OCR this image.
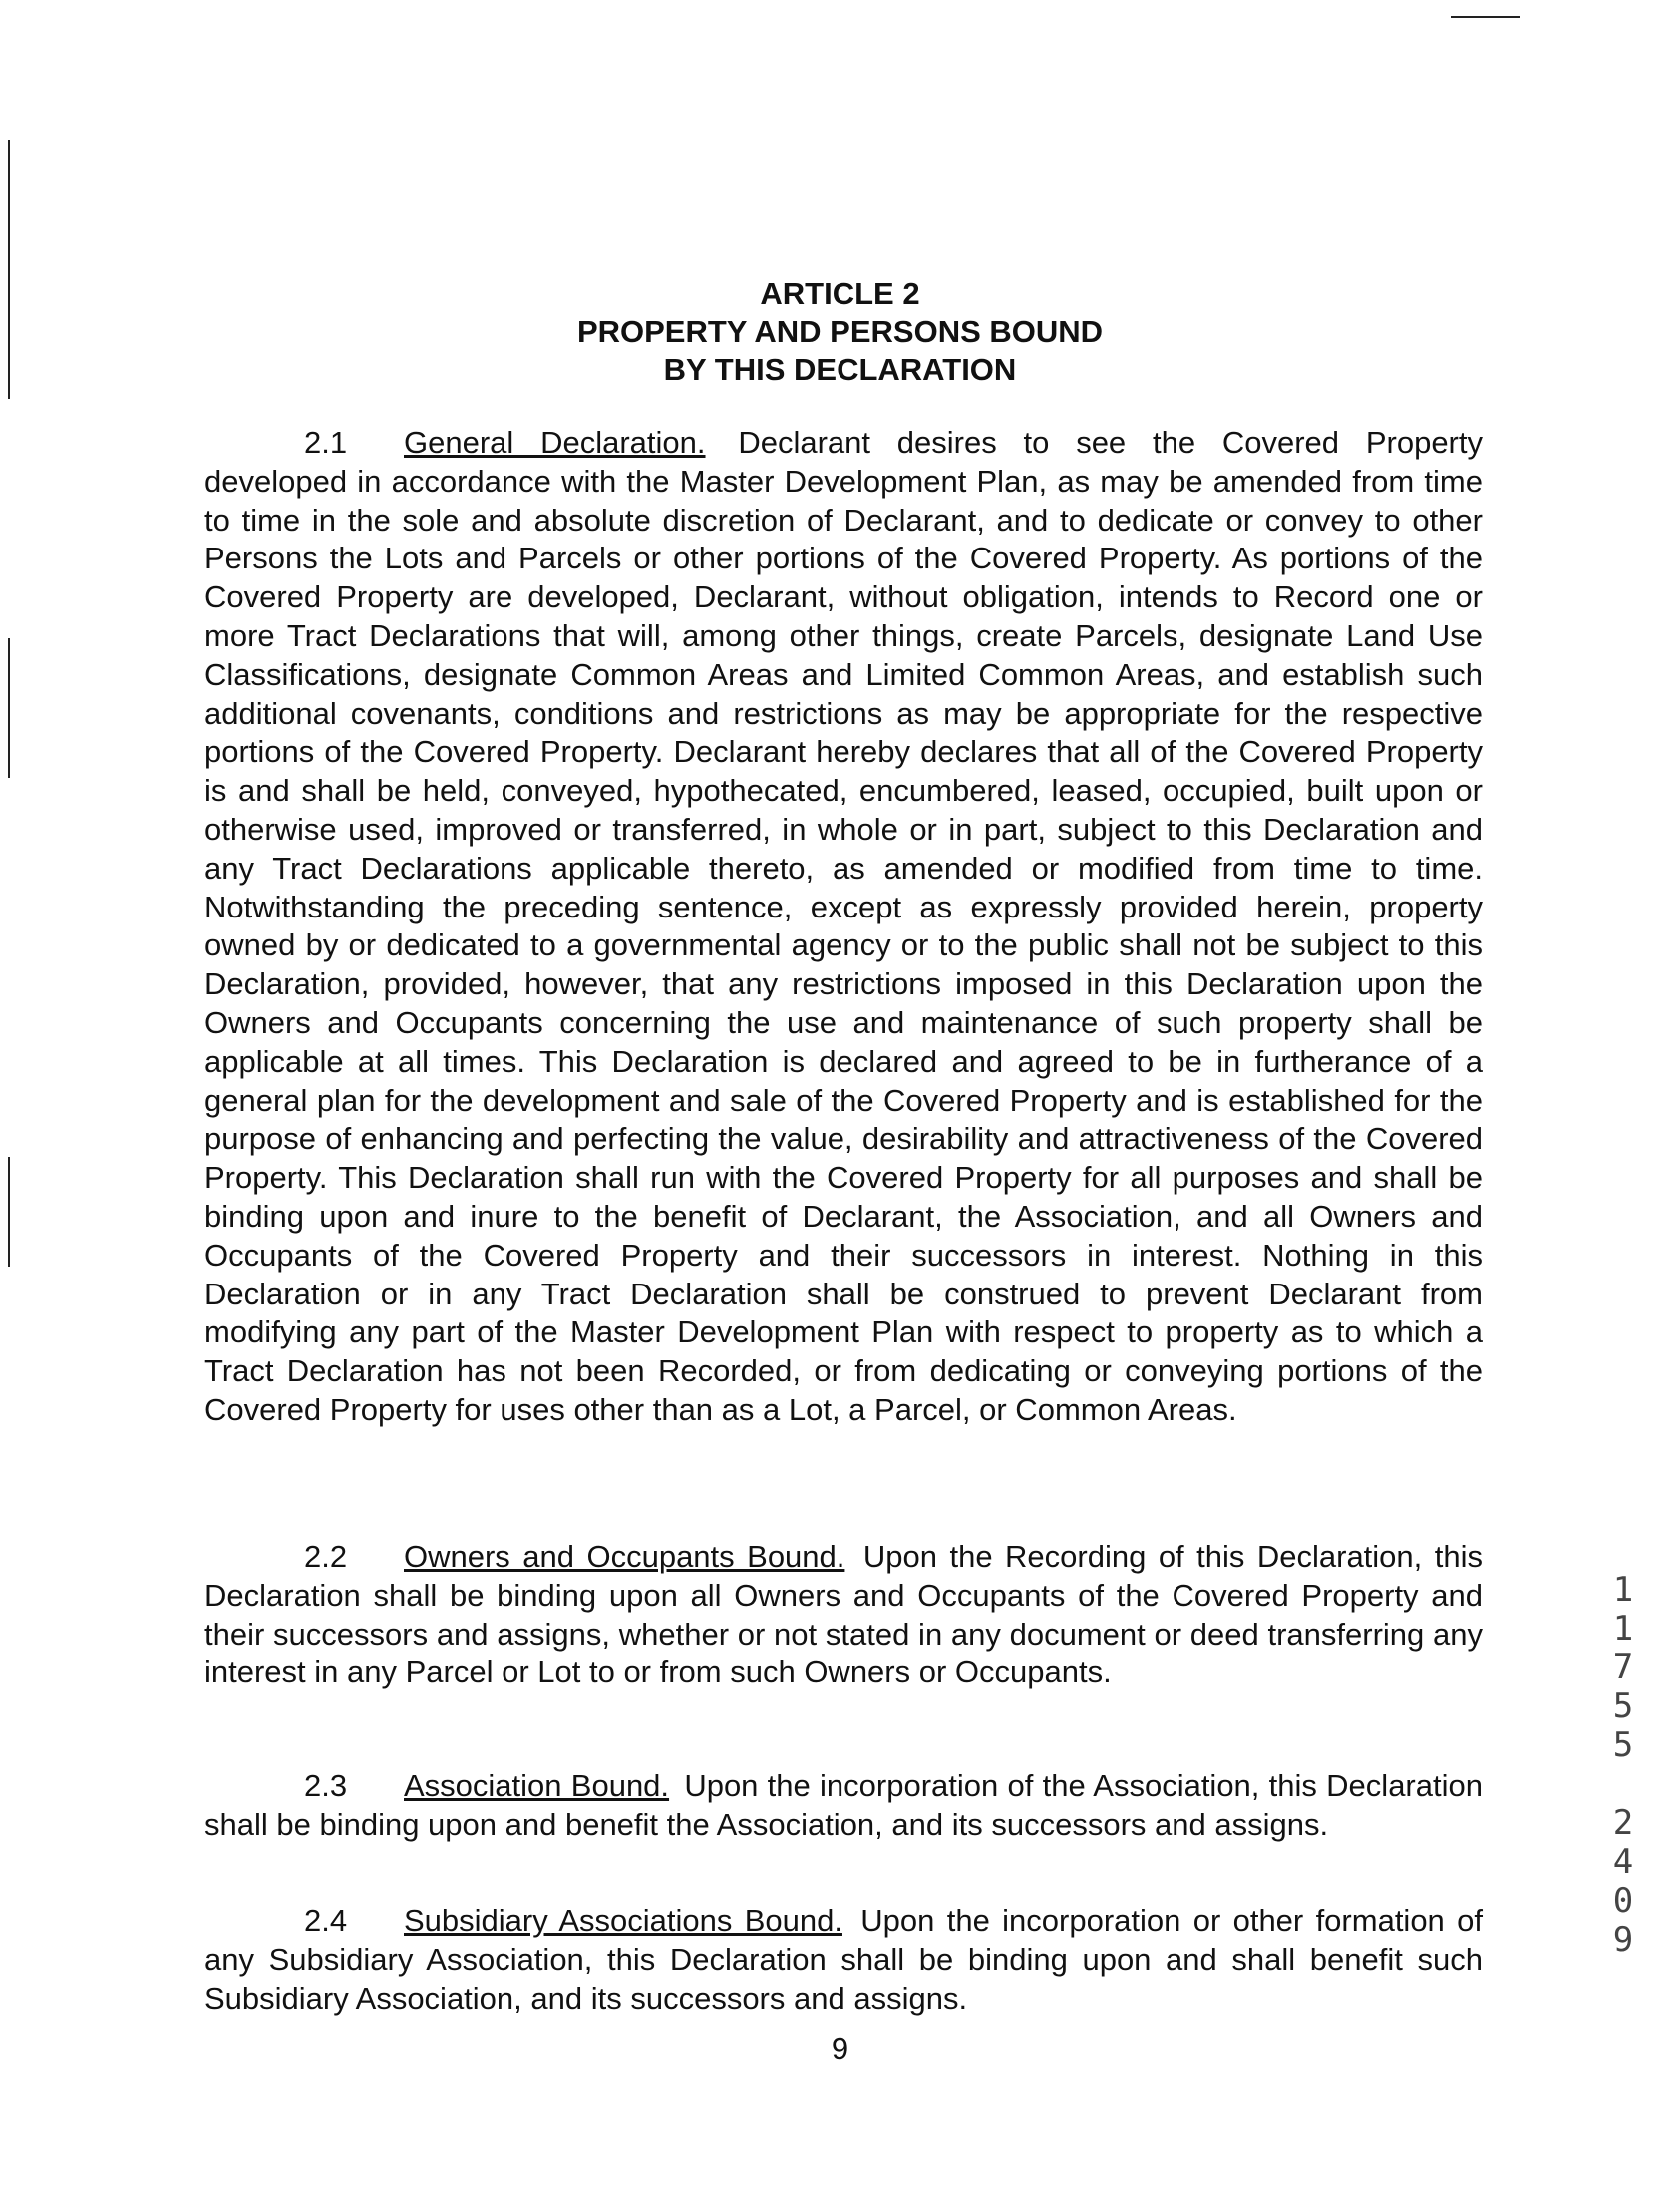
ARTICLE 2
PROPERTY AND PERSONS BOUND
BY THIS DECLARATION

2.1 General Declaration. Declarant desires to see the Covered Property developed in accordance with the Master Development Plan, as may be amended from time to time in the sole and absolute discretion of Declarant, and to dedicate or convey to other Persons the Lots and Parcels or other portions of the Covered Property. As portions of the Covered Property are developed, Declarant, without obligation, intends to Record one or more Tract Declarations that will, among other things, create Parcels, designate Land Use Classifications, designate Common Areas and Limited Common Areas, and establish such additional covenants, conditions and restrictions as may be appropriate for the respective portions of the Covered Property. Declarant hereby declares that all of the Covered Property is and shall be held, conveyed, hypothecated, encumbered, leased, occupied, built upon or otherwise used, improved or transferred, in whole or in part, subject to this Declaration and any Tract Declarations applicable thereto, as amended or modified from time to time. Notwithstanding the preceding sentence, except as expressly provided herein, property owned by or dedicated to a governmental agency or to the public shall not be subject to this Declaration, provided, however, that any restrictions imposed in this Declaration upon the Owners and Occupants concerning the use and maintenance of such property shall be applicable at all times. This Declaration is declared and agreed to be in furtherance of a general plan for the development and sale of the Covered Property and is established for the purpose of enhancing and perfecting the value, desirability and attractiveness of the Covered Property. This Declaration shall run with the Covered Property for all purposes and shall be binding upon and inure to the benefit of Declarant, the Association, and all Owners and Occupants of the Covered Property and their successors in interest. Nothing in this Declaration or in any Tract Declaration shall be construed to prevent Declarant from modifying any part of the Master Development Plan with respect to property as to which a Tract Declaration has not been Recorded, or from dedicating or conveying portions of the Covered Property for uses other than as a Lot, a Parcel, or Common Areas.

2.2 Owners and Occupants Bound. Upon the Recording of this Declaration, this Declaration shall be binding upon all Owners and Occupants of the Covered Property and their successors and assigns, whether or not stated in any document or deed transferring any interest in any Parcel or Lot to or from such Owners or Occupants.

2.3 Association Bound. Upon the incorporation of the Association, this Declaration shall be binding upon and benefit the Association, and its successors and assigns.

2.4 Subsidiary Associations Bound. Upon the incorporation or other formation of any Subsidiary Association, this Declaration shall be binding upon and shall benefit such Subsidiary Association, and its successors and assigns.

1
1
7
5
5

2
4
0
9
9
